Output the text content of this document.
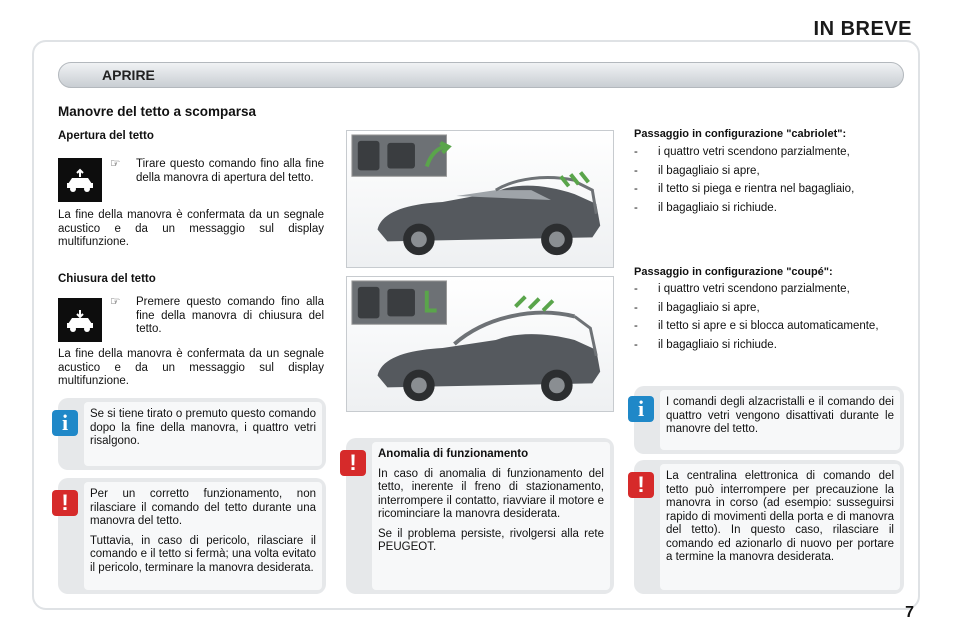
IN BREVE
APRIRE
Manovre del tetto a scomparsa
Apertura del tetto
☞	Tirare questo comando fino alla fine della manovra di apertura del tetto.
La fine della manovra è confermata da un segnale acustico e da un messaggio sul display multifunzione.
Chiusura del tetto
☞	Premere questo comando fino alla fine della manovra di chiusura del tetto.
La fine della manovra è confermata da un segnale acustico e da un messaggio sul display multifunzione.
Passaggio in configurazione "cabriolet":
- i quattro vetri scendono parzialmente,
- il bagagliaio si apre,
- il tetto si piega e rientra nel bagagliaio,
- il bagagliaio si richiude.
Passaggio in configurazione "coupé":
- i quattro vetri scendono parzialmente,
- il bagagliaio si apre,
- il tetto si apre e si blocca automaticamente,
- il bagagliaio si richiude.
i	Se si tiene tirato o premuto questo comando dopo la fine della manovra, i quattro vetri risalgono.
!	Per un corretto funzionamento, non rilasciare il comando del tetto durante una manovra del tetto.

Tuttavia, in caso di pericolo, rilasciare il comando e il tetto si fermà; una volta evitato il pericolo, terminare la manovra desiderata.

!	Anomalia di funzionamento

In caso di anomalia di funzionamento del tetto, inerente il freno di stazionamento, interrompere il contatto, riavviare il motore e ricominciare la manovra desiderata.

Se il problema persiste, rivolgersi alla rete PEUGEOT.

i	I comandi degli alzacristalli e il comando dei quattro vetri vengono disattivati durante le manovre del tetto.
!	La centralina elettronica di comando del tetto può interrompere per precauzione la manovra in corso (ad esempio: susseguirsi rapido di movimenti della porta e di manovra del tetto). In questo caso, rilasciare il comando ed azionarlo di nuovo per portare a termine la manovra desiderata.
7
